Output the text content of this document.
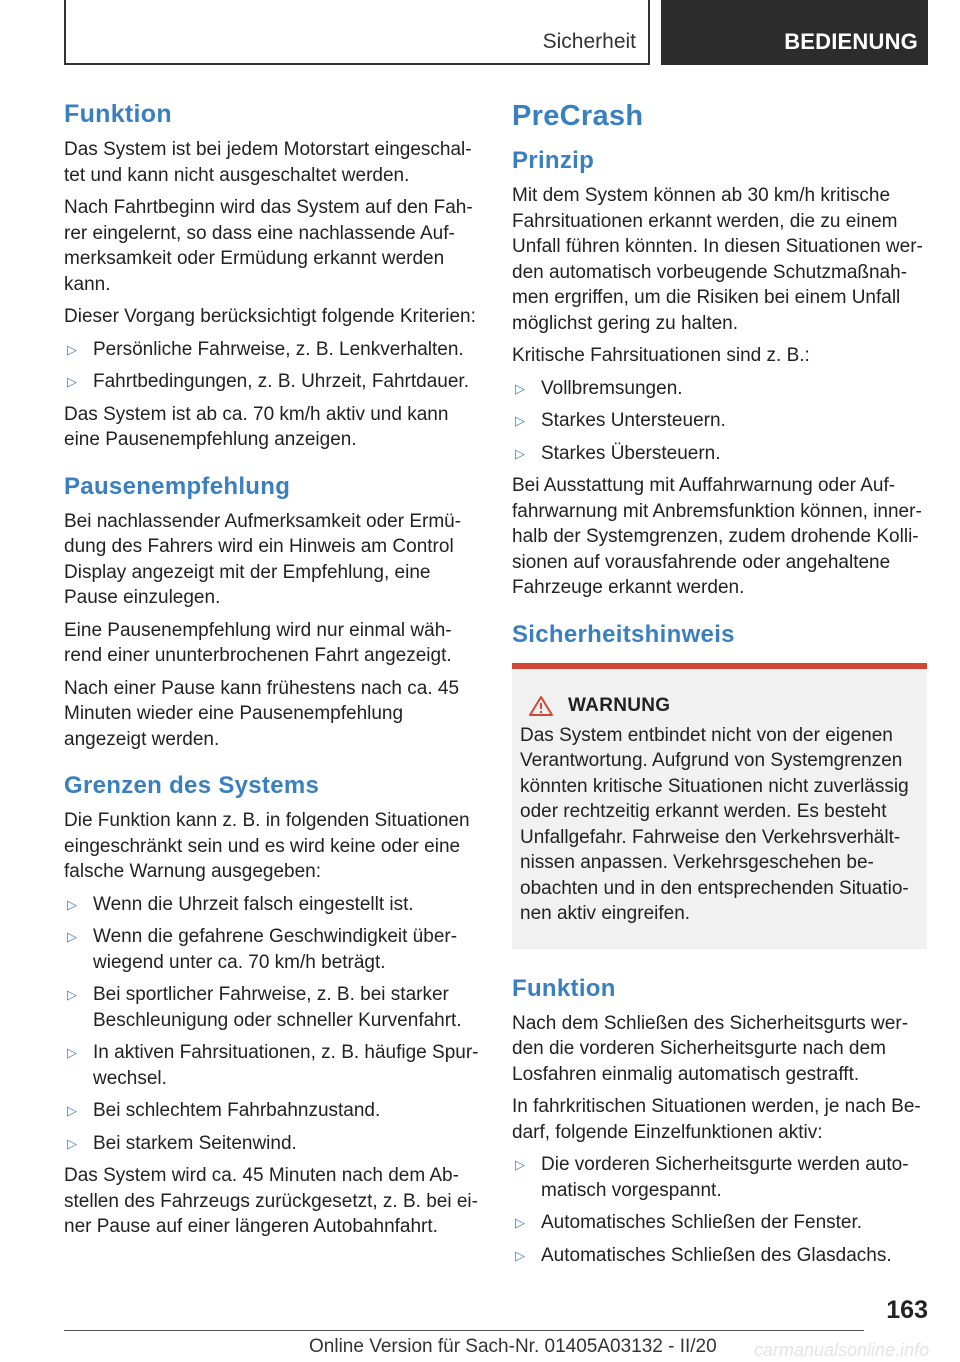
Sicherheit	BEDIENUNG
Funktion

Das System ist bei jedem Motorstart eingeschaltet und kann nicht ausgeschaltet werden.

Nach Fahrtbeginn wird das System auf den Fahrer eingelernt, so dass eine nachlassende Aufmerksamkeit oder Ermüdung erkannt werden kann.

Dieser Vorgang berücksichtigt folgende Kriterien:

▷ Persönliche Fahrweise, z. B. Lenkverhalten.
▷ Fahrtbedingungen, z. B. Uhrzeit, Fahrtdauer.

Das System ist ab ca. 70 km/h aktiv und kann eine Pausenempfehlung anzeigen.

Pausenempfehlung

Bei nachlassender Aufmerksamkeit oder Ermüdung des Fahrers wird ein Hinweis am Control Display angezeigt mit der Empfehlung, eine Pause einzulegen.

Eine Pausenempfehlung wird nur einmal während einer ununterbrochenen Fahrt angezeigt.

Nach einer Pause kann frühestens nach ca. 45 Minuten wieder eine Pausenempfehlung angezeigt werden.

Grenzen des Systems

Die Funktion kann z. B. in folgenden Situationen eingeschränkt sein und es wird keine oder eine falsche Warnung ausgegeben:

▷ Wenn die Uhrzeit falsch eingestellt ist.
▷ Wenn die gefahrene Geschwindigkeit überwiegend unter ca. 70 km/h beträgt.
▷ Bei sportlicher Fahrweise, z. B. bei starker Beschleunigung oder schneller Kurvenfahrt.
▷ In aktiven Fahrsituationen, z. B. häufige Spurwechsel.
▷ Bei schlechtem Fahrbahnzustand.
▷ Bei starkem Seitenwind.

Das System wird ca. 45 Minuten nach dem Abstellen des Fahrzeugs zurückgesetzt, z. B. bei einer Pause auf einer längeren Autobahnfahrt.

PreCrash
Prinzip

Mit dem System können ab 30 km/h kritische Fahrsituationen erkannt werden, die zu einem Unfall führen könnten. In diesen Situationen werden automatisch vorbeugende Schutzmaßnahmen ergriffen, um die Risiken bei einem Unfall möglichst gering zu halten.

Kritische Fahrsituationen sind z. B.:

▷ Vollbremsungen.
▷ Starkes Untersteuern.
▷ Starkes Übersteuern.

Bei Ausstattung mit Auffahrwarnung oder Auffahrwarnung mit Anbremsfunktion können, innerhalb der Systemgrenzen, zudem drohende Kollisionen auf vorausfahrende oder angehaltene Fahrzeuge erkannt werden.

Sicherheitshinweis
WARNUNG

Das System entbindet nicht von der eigenen Verantwortung. Aufgrund von Systemgrenzen könnten kritische Situationen nicht zuverlässig oder rechtzeitig erkannt werden. Es besteht Unfallgefahr. Fahrweise den Verkehrsverhältnissen anpassen. Verkehrsgeschehen beobachten und in den entsprechenden Situationen aktiv eingreifen.

Funktion

Nach dem Schließen des Sicherheitsgurts werden die vorderen Sicherheitsgurte nach dem Losfahren einmalig automatisch gestrafft.

In fahrkritischen Situationen werden, je nach Bedarf, folgende Einzelfunktionen aktiv:

▷ Die vorderen Sicherheitsgurte werden automatisch vorgespannt.
▷ Automatisches Schließen der Fenster.
▷ Automatisches Schließen des Glasdachs.
163
Online Version für Sach-Nr. 01405A03132 - II/20 carmanualsonline.info
